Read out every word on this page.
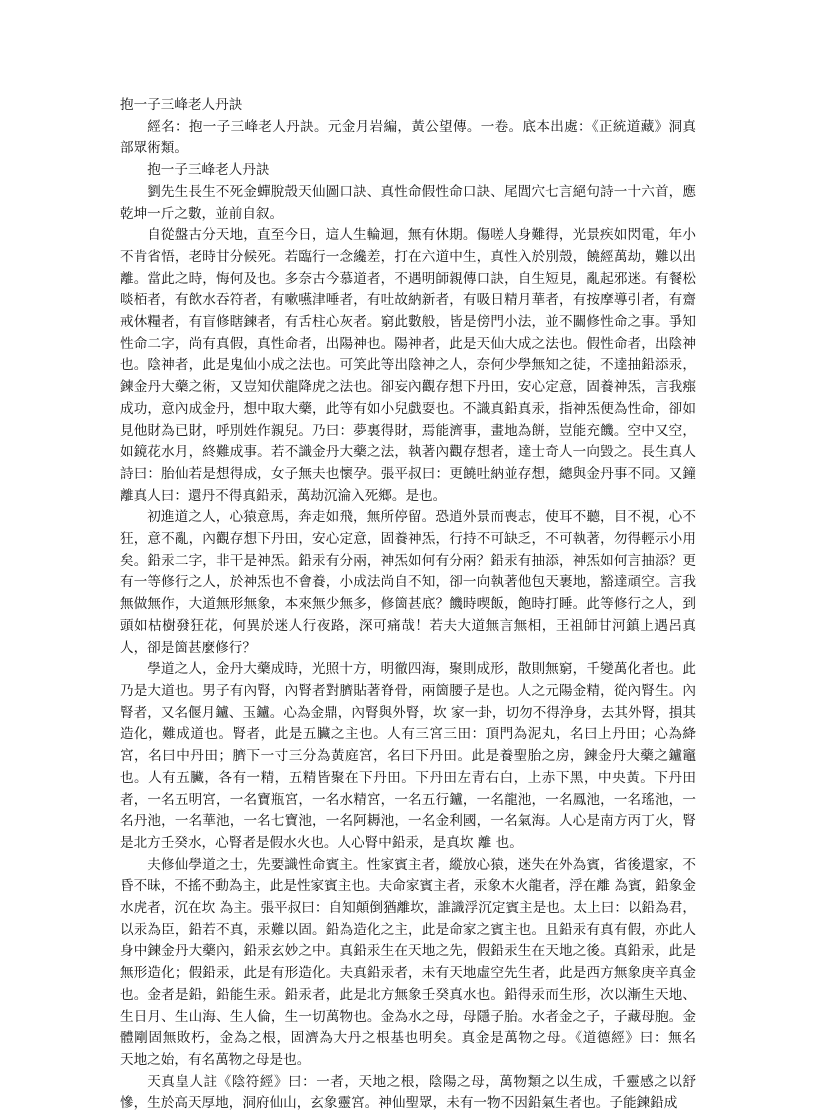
抱一子三峰老人丹訣

經名：抱一子三峰老人丹訣。元金月岩編，黃公望傳。一卷。底本出處：《正統道藏》洞真部眾術類。

抱一子三峰老人丹訣

劉先生長生不死金蟬脫殼天仙圖口訣、真性命假性命口訣、尾閭穴七言絕句詩一十六首，應乾坤一斤之數，並前自叙。

自從盤古分天地，直至今日，這人生輪迴，無有休期。傷嗟人身難得，光景疾如閃電，年小不肯省悟，老時甘分候死。若臨行一念纔差，打在六道中生，真性入於別殼，饒經萬劫，難以出離。當此之時，悔何及也。多奈古今慕道者，不遇明師親傳口訣，自生短見，亂起邪迷。有餐松啖栢者，有飲水吞符者，有嗽嚥津唾者，有吐故納新者，有吸日精月華者，有按摩導引者，有齋戒休糧者，有盲修瞎鍊者，有舌柱心灰者。窮此數般，皆是傍門小法，並不關修性命之事。爭知性命二字，尚有真假，真性命者，出陽神也。陽神者，此是天仙大成之法也。假性命者，出陰神也。陰神者，此是鬼仙小成之法也。可笑此等出陰神之人，奈何少學無知之徒，不達抽鉛添汞，鍊金丹大藥之術，又豈知伏龍降虎之法也。卻妄內觀存想下丹田，安心定意，固養神炁，言我瘬成功，意內成金丹，想中取大藥，此等有如小兒戲耍也。不識真鉛真汞，指神炁便為性命，卻如見他財為已財，呼別姓作親兒。乃曰：夢裏得財，焉能濟事，畫地為餅，豈能充饑。空中又空，如鏡花水月，終難成事。若不識金丹大藥之法，執著內觀存想者，達士奇人一向毀之。長生真人詩曰：胎仙若是想得成，女子無夫也懷孕。張平叔曰：更饒吐納並存想，總與金丹事不同。又鐘離真人曰：還丹不得真鉛汞，萬劫沉淪入死鄉。是也。

初進道之人，心猿意馬，奔走如飛，無所停留。恐逍外景而喪志，使耳不聽，目不視，心不狂，意不亂，內觀存想下丹田，安心定意，固養神炁，行持不可缺乏，不可執著，勿得輕示小用矣。鉛汞二字，非干是神炁。鉛汞有分兩，神炁如何有分兩？鉛汞有抽添，神炁如何言抽添？更有一等修行之人，於神炁也不會養，小成法尚自不知，卻一向執著他包天裹地，豁達頑空。言我無做無作，大道無形無象，本來無少無多，修箇甚底？饑時喫飯，飽時打睡。此等修行之人，到頭如枯樹發狂花，何異於迷人行夜路，深可痛哉！若夫大道無言無相，王祖師甘河鎮上遇呂真人，卻是箇甚麼修行？

學道之人，金丹大藥成時，光照十方，明徹四海，聚則成形，散則無窮，千變萬化者也。此乃是大道也。男子有內腎，內腎者對臍貼著脊骨，兩箇腰子是也。人之元陽金精，從內腎生。內腎者，又名偃月鑪、玉鑪。心為金鼎，內腎與外腎，坎 家一卦，切勿不得浄身，去其外腎，損其造化，難成道也。腎者，此是五臟之主也。人有三宮三田：頂門為泥丸，名曰上丹田；心為絳宮，名曰中丹田；臍下一寸三分為黃庭宮，名曰下丹田。此是養聖胎之房，鍊金丹大藥之鑪竈也。人有五臟，各有一精，五精皆聚在下丹田。下丹田左青右白，上赤下黑，中央黃。下丹田者，一名五明宮，一名寶瓶宮，一名水精宮，一名五行鑪，一名龍池，一名鳳池，一名瑤池，一名丹池，一名華池，一名七寶池，一名阿耨池，一名金利國，一名氣海。人心是南方丙丁火，腎是北方壬癸水，心腎者是假水火也。人心腎中鉛汞，是真坎 離 也。

夫修仙學道之士，先要識性命賓主。性家賓主者，縱放心猿，迷失在外為賓，省後還家，不昏不昧，不搖不動為主，此是性家賓主也。夫命家賓主者，汞象木火龍者，浮在離 為賓，鉛象金水虎者，沉在坎 為主。張平叔曰：自知顛倒猶離坎，誰識浮沉定賓主是也。太上曰：以鉛為君，以汞為臣，鉛若不真，汞難以固。鉛為造化之主，此是命家之賓主也。且鉛汞有真有假，亦此人身中鍊金丹大藥內，鉛汞玄妙之中。真鉛汞生在天地之先，假鉛汞生在天地之後。真鉛汞，此是無形造化；假鉛汞，此是有形造化。夫真鉛汞者，未有天地虛空先生者，此是西方無象庚辛真金也。金者是鉛，鉛能生汞。鉛汞者，此是北方無象壬癸真水也。鉛得汞而生形，次以漸生天地、生日月、生山海、生人倫，生一切萬物也。金為水之母，母隱子胎。水者金之子，子藏母胞。金體剛固無敗朽，金為之根，固濟為大丹之根基也明矣。真金是萬物之母。《道德經》曰：無名　　天地之始，有名萬物之母是也。

天真皇人註《陰符經》曰：一者，天地之根，陰陽之母，萬物類之以生成，千靈感之以舒慘，生於高天厚地，洞府仙山，玄象靈宮。神仙聖眾，未有一物不因鉛氣生者也。子能鍊鉛成
